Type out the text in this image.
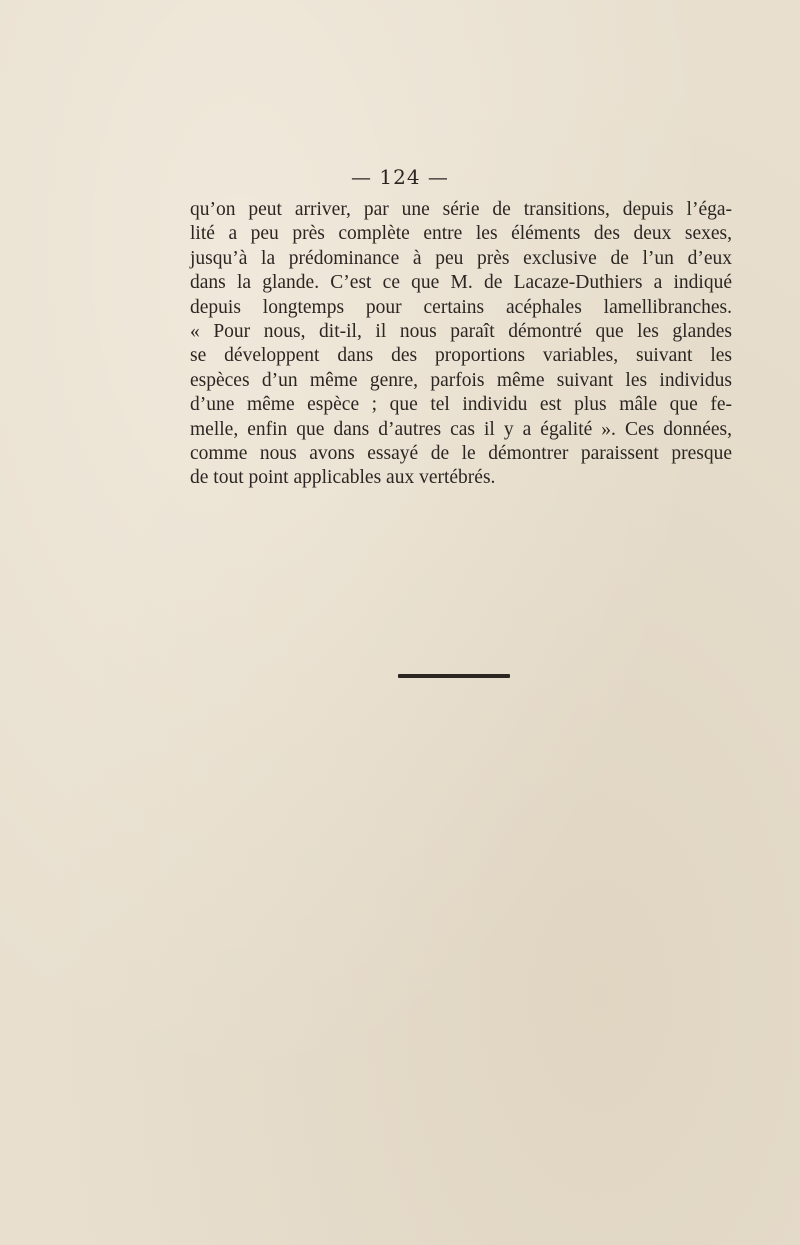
— 124 —
qu’on peut arriver, par une série de transitions, depuis l’éga-
lité a peu près complète entre les éléments des deux sexes,
jusqu’à la prédominance à peu près exclusive de l’un d’eux
dans la glande. C’est ce que M. de Lacaze-Duthiers a indiqué
depuis longtemps pour certains acéphales lamellibranches.
« Pour nous, dit-il, il nous paraît démontré que les glandes
se développent dans des proportions variables, suivant les
espèces d’un même genre, parfois même suivant les individus
d’une même espèce ; que tel individu est plus mâle que fe-
melle, enfin que dans d’autres cas il y a égalité ». Ces données,
comme nous avons essayé de le démontrer paraissent presque
de tout point applicables aux vertébrés.
